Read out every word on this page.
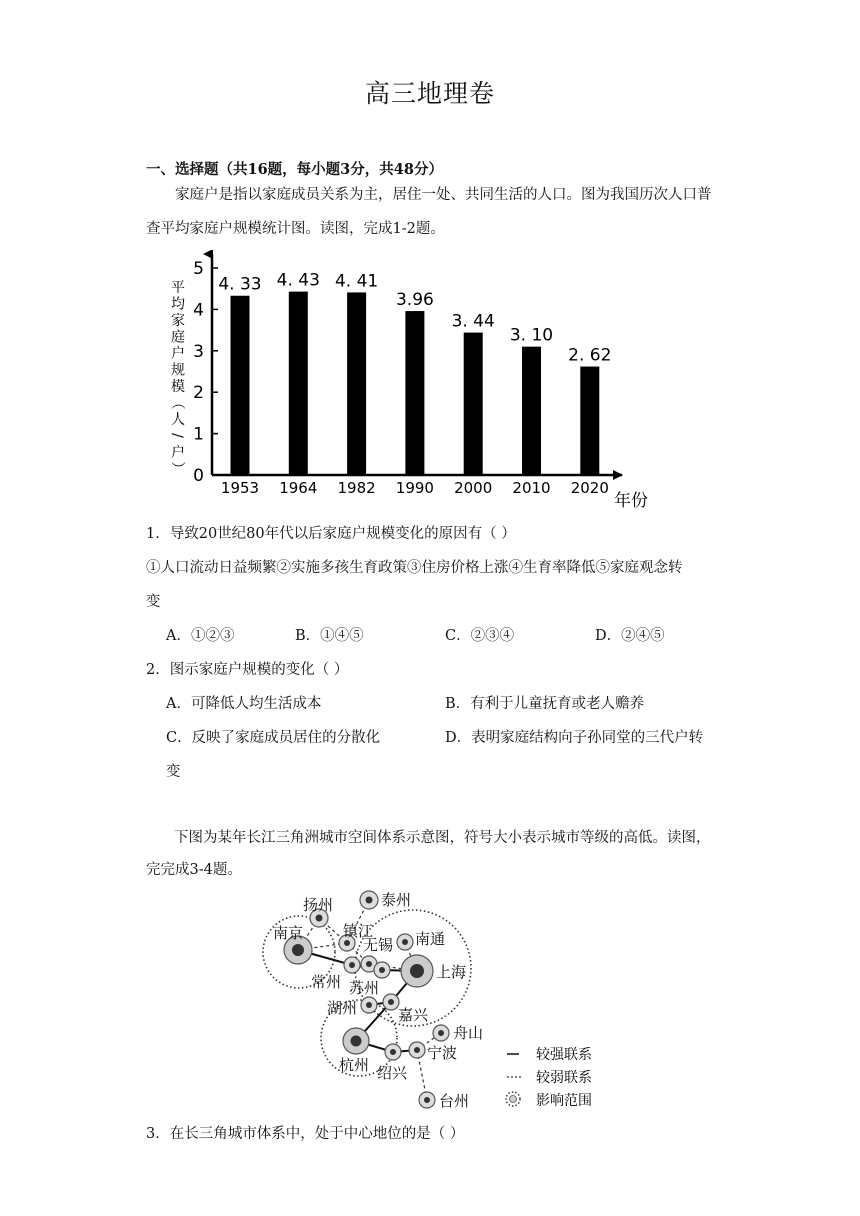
高三地理卷
一、选择题（共16题，每小题3分，共48分）
家庭户是指以家庭成员关系为主，居住一处、共同生活的人口。图为我国历次人口普查平均家庭户规模统计图。读图，完成1-2题。
0
1
2
3
4
5
1953 1964 1982 1990 2000 2010 2020
4. 33 4. 43 4. 41
3.96
3. 44
3. 10
2. 62
平
均
家
庭
户
规
模
（
人
/
户
）
年份
1．导致20世纪80年代以后家庭户规模变化的原因有（ ）
①人口流动日益频繁②实施多孩生育政策③住房价格上涨④生育率降低⑤家庭观念转
变
A．①②③	B．①④⑤	C．②③④	D．②④⑤
2．图示家庭户规模的变化（ ）
A．可降低人均生活成本	B．有利于儿童抚育或老人赡养
C．反映了家庭成员居住的分散化	D．表明家庭结构向子孙同堂的三代户转
变
下图为某年长江三角洲城市空间体系示意图，符号大小表示城市等级的高低。读图，
完完成3-4题。
扬州	泰州
南京	镇江
无锡 南通
常州
上海
苏州
湖州	嘉兴
舟山
杭州
宁波
绍兴
台州
较强联系
较弱联系
影响范围
3．在长三角城市体系中，处于中心地位的是（ ）
